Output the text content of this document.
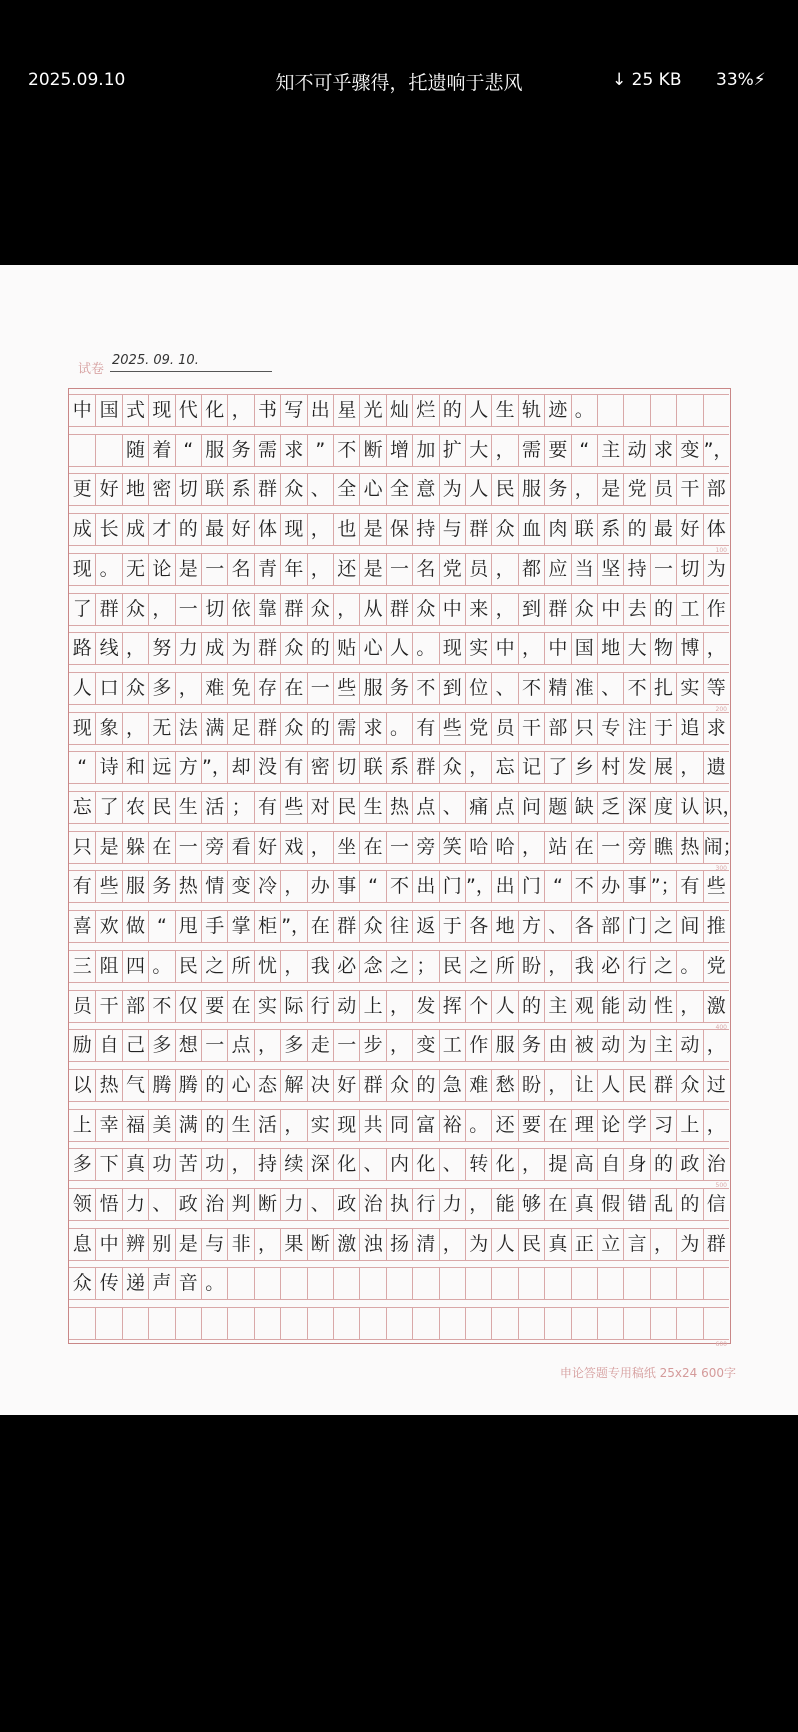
2025.09.10	知不可乎骤得，托遗响于悲风	↓ 25 KB 33%⚡
试卷
2025. 09. 10.
中 国 式 现 代 化 ， 书 写 出 星 光 灿 烂 的 人 生 轨 迹 。
随 着 “ 服 务 需 求 ” 不 断 增 加 扩 大 ， 需 要 “ 主 动 求 变 ”，
更 好 地 密 切 联 系 群 众 、 全 心 全 意 为 人 民 服 务 ， 是 党 员 干 部
成 长 成 才 的 最 好 体 现 ， 也 是 保 持 与 群 众 血 肉 联 系 的 最 好 体
100
现 。 无 论 是 一 名 青 年 ， 还 是 一 名 党 员 ， 都 应 当 坚 持 一 切 为
了 群 众 ， 一 切 依 靠 群 众 ， 从 群 众 中 来 ， 到 群 众 中 去 的 工 作
路 线 ， 努 力 成 为 群 众 的 贴 心 人 。 现 实 中 ， 中 国 地 大 物 博 ，
人 口 众 多 ， 难 免 存 在 一 些 服 务 不 到 位 、 不 精 准 、 不 扎 实 等
200
现 象 ， 无 法 满 足 群 众 的 需 求 。 有 些 党 员 干 部 只 专 注 于 追 求
“ 诗 和 远 方 ”， 却 没 有 密 切 联 系 群 众 ， 忘 记 了 乡 村 发 展 ， 遗
忘 了 农 民 生 活 ； 有 些 对 民 生 热 点 、 痛 点 问 题 缺 乏 深 度 认 识，
只 是 躲 在 一 旁 看 好 戏 ， 坐 在 一 旁 笑 哈 哈 ， 站 在 一 旁 瞧 热 闹；
300
有 些 服 务 热 情 变 冷 ， 办 事 “ 不 出 门 ”， 出 门 “ 不 办 事 ”； 有 些
喜 欢 做 “ 甩 手 掌 柜 ”， 在 群 众 往 返 于 各 地 方 、 各 部 门 之 间 推
三 阻 四 。 民 之 所 忧 ， 我 必 念 之 ； 民 之 所 盼 ， 我 必 行 之 。 党
员 干 部 不 仅 要 在 实 际 行 动 上 ， 发 挥 个 人 的 主 观 能 动 性 ， 激
400
励 自 己 多 想 一 点 ， 多 走 一 步 ， 变 工 作 服 务 由 被 动 为 主 动 ，
以 热 气 腾 腾 的 心 态 解 决 好 群 众 的 急 难 愁 盼 ， 让 人 民 群 众 过
上 幸 福 美 满 的 生 活 ， 实 现 共 同 富 裕 。 还 要 在 理 论 学 习 上 ，
多 下 真 功 苦 功 ， 持 续 深 化 、 内 化 、 转 化 ， 提 高 自 身 的 政 治
500
领 悟 力 、 政 治 判 断 力 、 政 治 执 行 力 ， 能 够 在 真 假 错 乱 的 信
息 中 辨 别 是 与 非 ， 果 断 激 浊 扬 清 ， 为 人 民 真 正 立 言 ， 为 群
众 传 递 声 音 。
600
申论答题专用稿纸 25x24 600字
